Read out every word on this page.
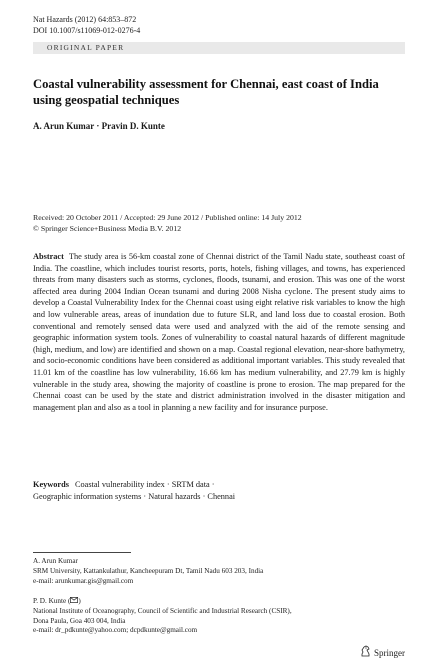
Nat Hazards (2012) 64:853–872
DOI 10.1007/s11069-012-0276-4
ORIGINAL PAPER
Coastal vulnerability assessment for Chennai, east coast of India using geospatial techniques
A. Arun Kumar · Pravin D. Kunte
Received: 20 October 2011 / Accepted: 29 June 2012 / Published online: 14 July 2012
© Springer Science+Business Media B.V. 2012
Abstract The study area is 56-km coastal zone of Chennai district of the Tamil Nadu state, southeast coast of India. The coastline, which includes tourist resorts, ports, hotels, fishing villages, and towns, has experienced threats from many disasters such as storms, cyclones, floods, tsunami, and erosion. This was one of the worst affected area during 2004 Indian Ocean tsunami and during 2008 Nisha cyclone. The present study aims to develop a Coastal Vulnerability Index for the Chennai coast using eight relative risk variables to know the high and low vulnerable areas, areas of inundation due to future SLR, and land loss due to coastal erosion. Both conventional and remotely sensed data were used and analyzed with the aid of the remote sensing and geographic information system tools. Zones of vulnerability to coastal natural hazards of different magnitude (high, medium, and low) are identified and shown on a map. Coastal regional elevation, near-shore bathymetry, and socio-economic conditions have been considered as additional important variables. This study revealed that 11.01 km of the coastline has low vulnerability, 16.66 km has medium vulnerability, and 27.79 km is highly vulnerable in the study area, showing the majority of coastline is prone to erosion. The map prepared for the Chennai coast can be used by the state and district administration involved in the disaster mitigation and management plan and also as a tool in planning a new facility and for insurance purpose.
Keywords Coastal vulnerability index · SRTM data ·
Geographic information systems · Natural hazards · Chennai
A. Arun Kumar
SRM University, Kattankulathur, Kancheepuram Dt, Tamil Nadu 603 203, India
e-mail: arunkumar.gis@gmail.com
P. D. Kunte ( )
National Institute of Oceanography, Council of Scientific and Industrial Research (CSIR),
Dona Paula, Goa 403 004, India
e-mail: dr_pdkunte@yahoo.com; dcpdkunte@gmail.com
Springer
